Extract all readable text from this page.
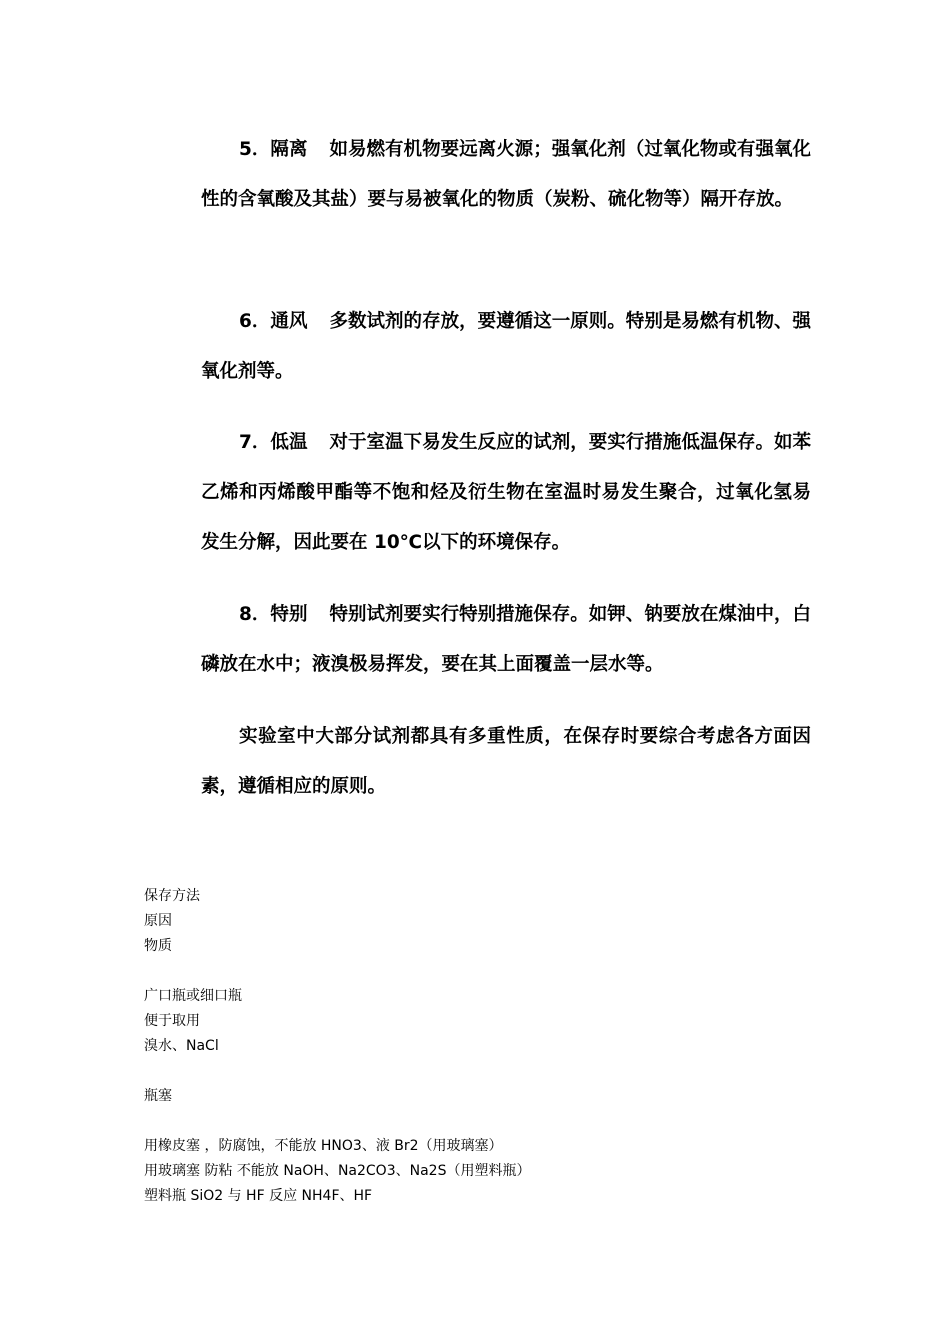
5．隔离 如易燃有机物要远离火源；强氧化剂（过氧化物或有强氧化性的含氧酸及其盐）要与易被氧化的物质（炭粉、硫化物等）隔开存放。

6．通风 多数试剂的存放，要遵循这一原则。特别是易燃有机物、强氧化剂等。

7．低温 对于室温下易发生反应的试剂，要实行措施低温保存。如苯乙烯和丙烯酸甲酯等不饱和烃及衍生物在室温时易发生聚合，过氧化氢易发生分解，因此要在 10℃以下的环境保存。

8．特别 特别试剂要实行特别措施保存。如钾、钠要放在煤油中，白磷放在水中；液溴极易挥发，要在其上面覆盖一层水等。

实验室中大部分试剂都具有多重性质，在保存时要综合考虑各方面因素，遵循相应的原则。

保存方法
原因
物质
广口瓶或细口瓶
便于取用
溴水、NaCl
瓶塞
用橡皮塞 ，防腐蚀，不能放 HNO3、液 Br2（用玻璃塞）
用玻璃塞 防粘 不能放 NaOH、Na2CO3、Na2S（用塑料瓶）
塑料瓶 SiO2 与 HF 反应 NH4F、HF
